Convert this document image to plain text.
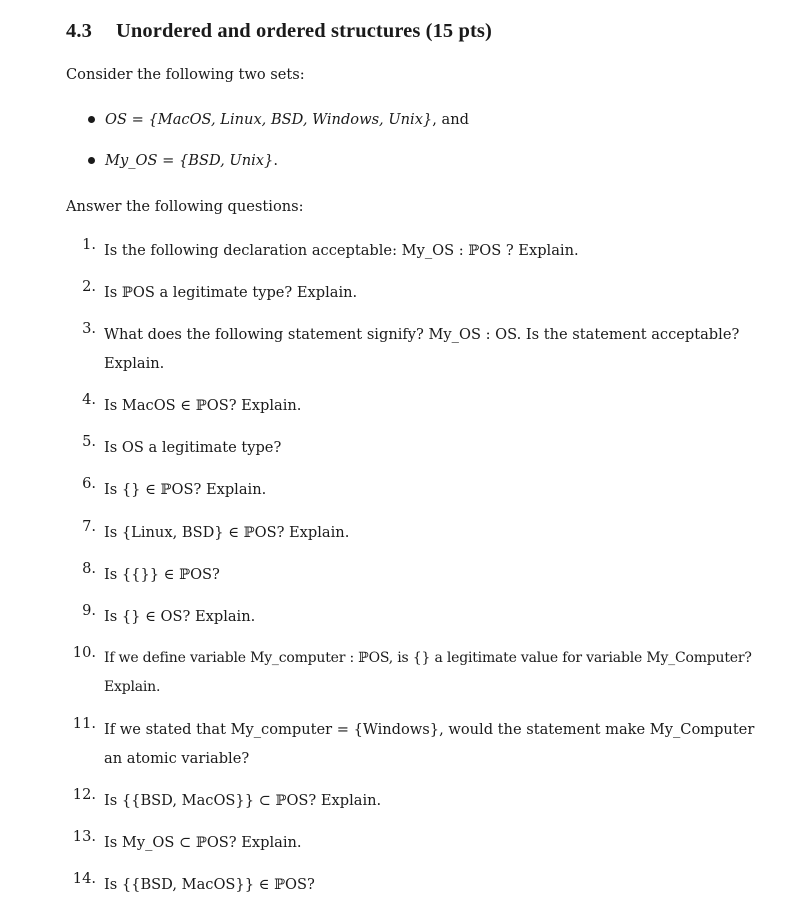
4.3 Unordered and ordered structures (15 pts)
Consider the following two sets:
OS = {MacOS, Linux, BSD, Windows, Unix}, and
My_OS = {BSD, Unix}.
Answer the following questions:
1. Is the following declaration acceptable: My_OS : ℙOS ? Explain.
2. Is ℙOS a legitimate type? Explain.
3. What does the following statement signify? My_OS : OS. Is the statement acceptable?
Explain.
4. Is MacOS ∈ ℙOS? Explain.
5. Is OS a legitimate type?
6. Is {} ∈ ℙOS? Explain.
7. Is {Linux, BSD} ∈ ℙOS? Explain.
8. Is {{}} ∈ ℙOS?
9. Is {} ∈ OS? Explain.
10. If we define variable My_computer : ℙOS, is {} a legitimate value for variable My_Computer?
Explain.
11. If we stated that My_computer = {Windows}, would the statement make My_Computer
an atomic variable?
12. Is {{BSD, MacOS}} ⊂ ℙOS? Explain.
13. Is My_OS ⊂ ℙOS? Explain.
14. Is {{BSD, MacOS}} ∈ ℙOS?
